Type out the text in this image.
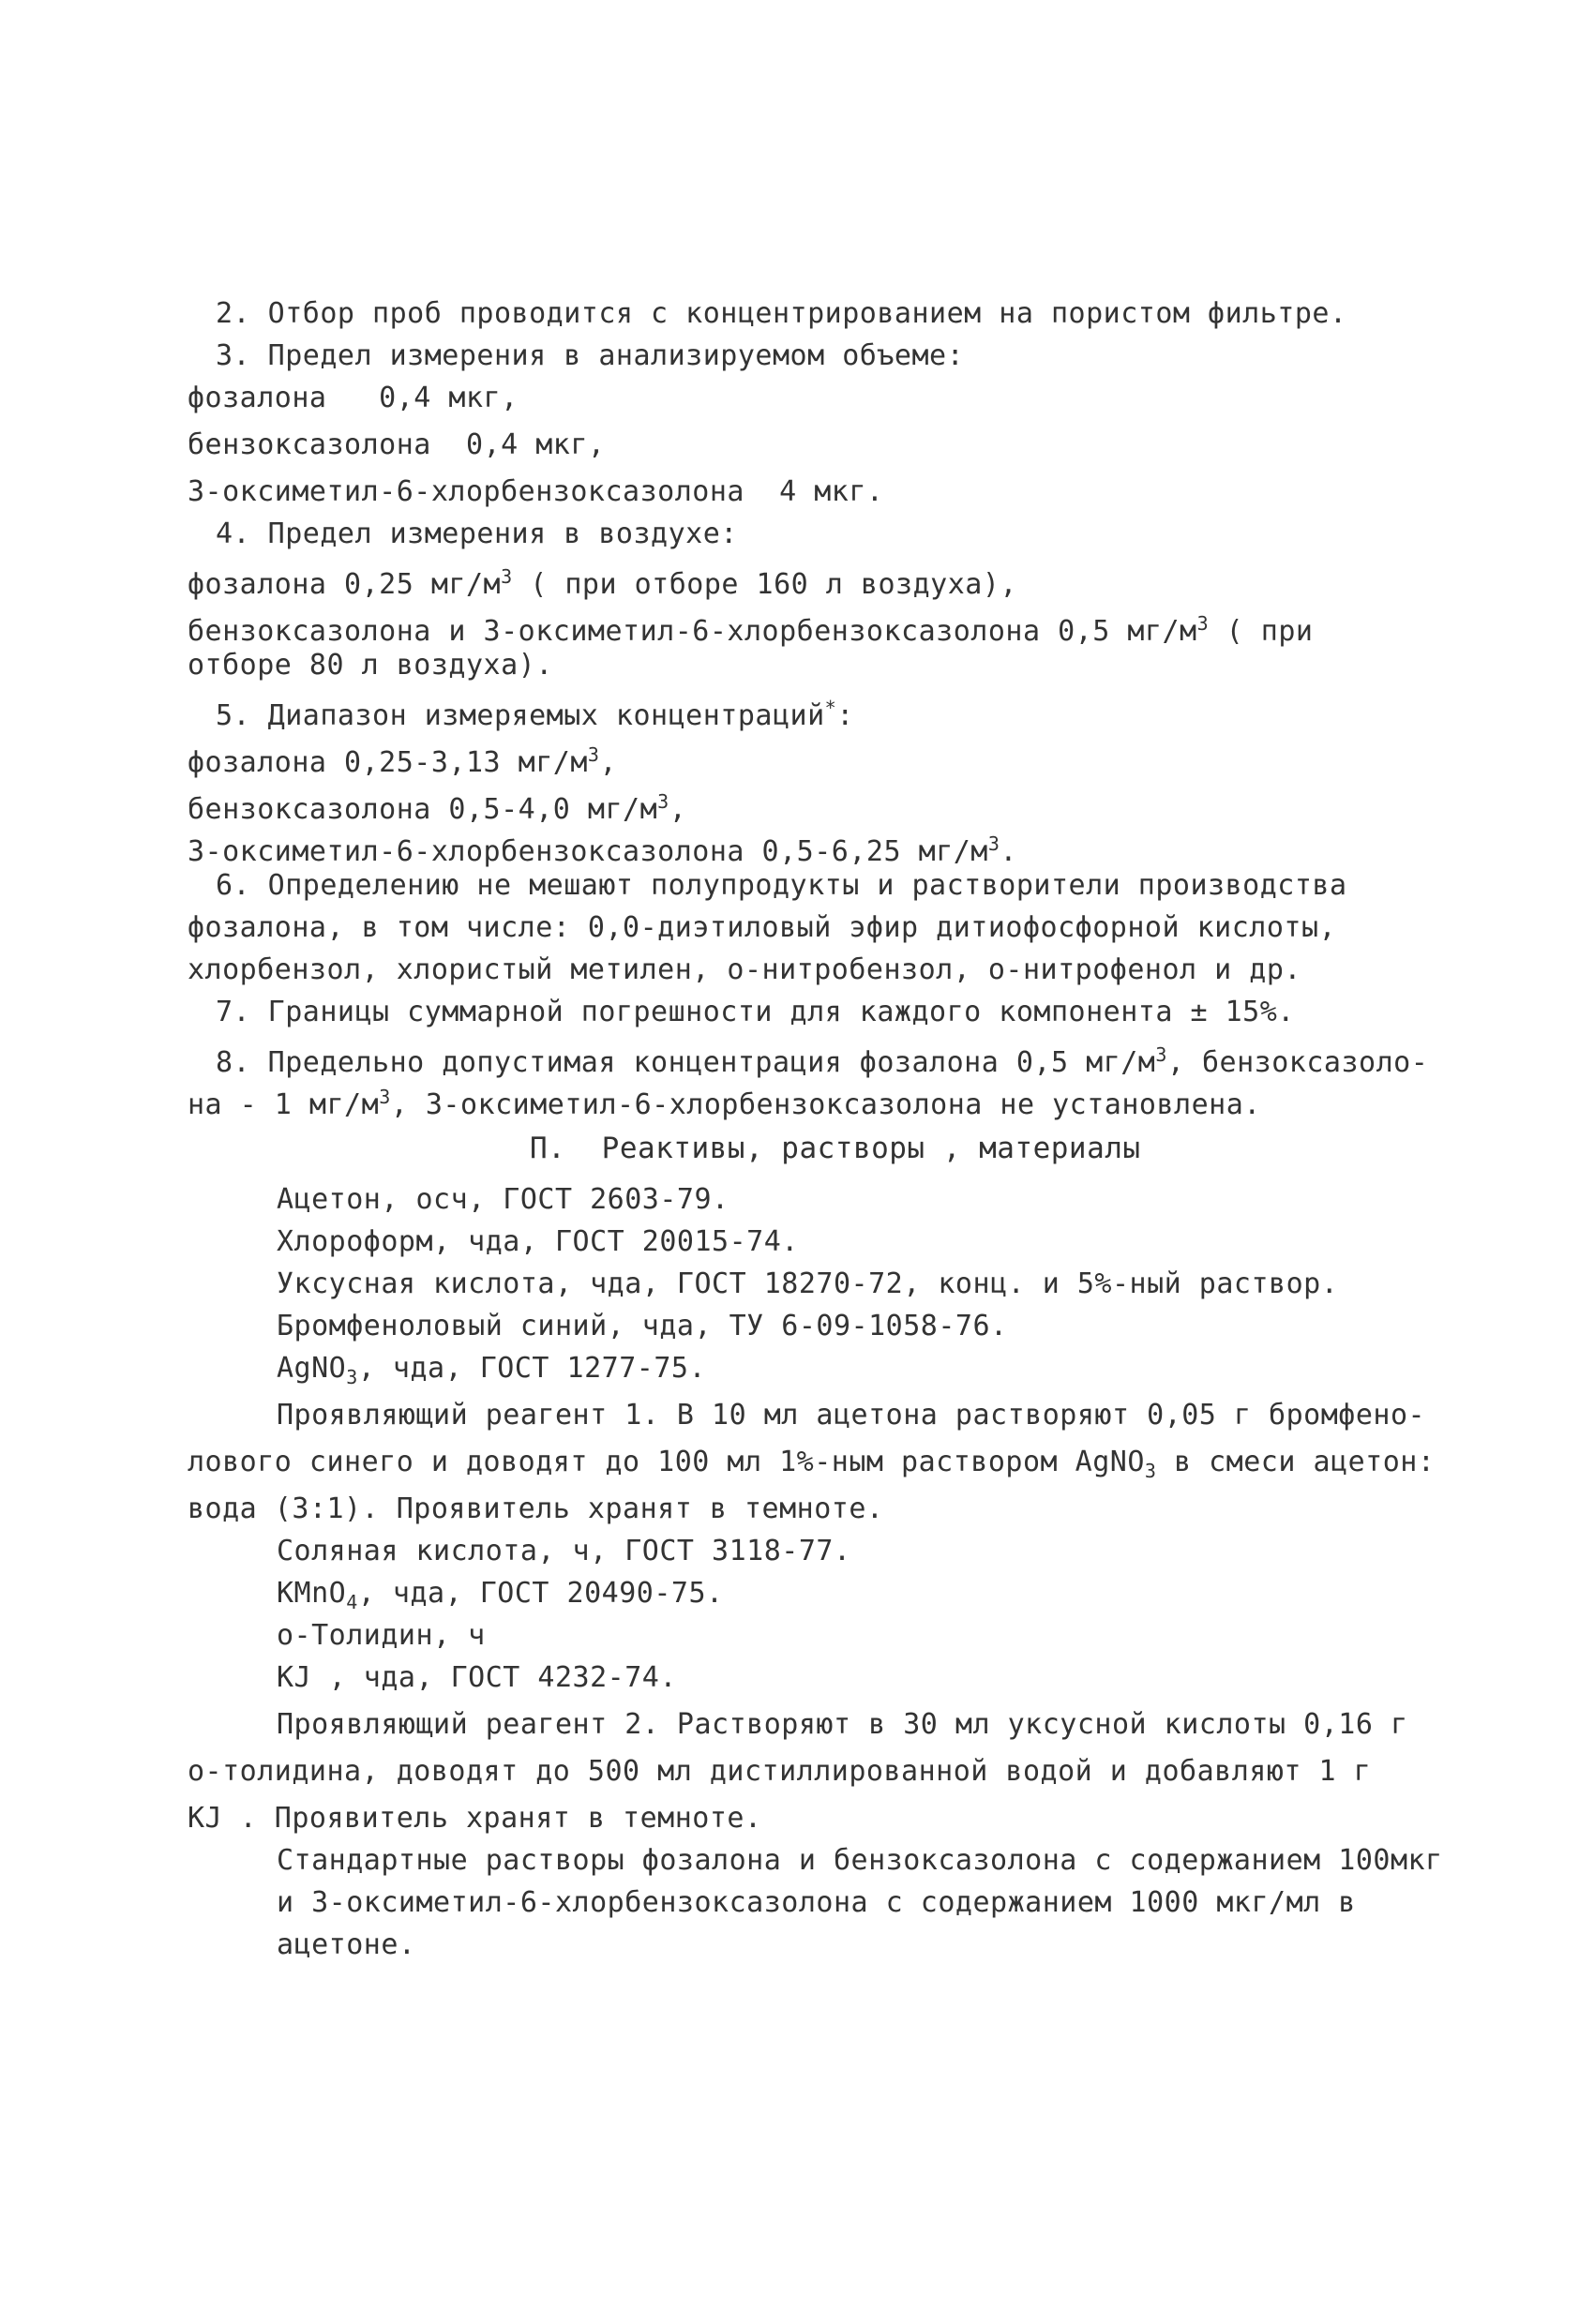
2. Отбор проб проводится с концентрированием на пористом фильтре.
3. Предел измерения в анализируемом объеме:
фозалона   0,4 мкг,
бензоксазолона  0,4 мкг,
3-оксиметил-6-хлорбензоксазолона  4 мкг.
4. Предел измерения в воздухе:
фозалона 0,25 $мг/м^3$ ( при отборе 160 л воздуха),
бензоксазолона и 3-оксиметил-6-хлорбензоксазолона 0,5 $мг/м^3$ ( при
отборе 80 л воздуха).
5. Диапазон измеряемых концентраций*:
фозалона 0,25-3,13 $мг/м^3$,
бензоксазолона 0,5-4,0 $мг/м^3$,
3-оксиметил-6-хлорбензоксазолона 0,5-6,25 $мг/м^3$.
6. Определению не мешают полупродукты и растворители производства
фозалона, в том числе: 0,0-диэтиловый эфир дитиофосфорной кислоты,
хлорбензол, хлористый метилен, о-нитробензол, о-нитрофенол и др.
7. Границы суммарной погрешности для каждого компонента ± 15%.
8. Предельно допустимая концентрация фозалона 0,5 $мг/м^3$, бензоксазоло-
на - 1 $мг/м^3$, 3-оксиметил-6-хлорбензоксазолона не установлена.
П.  Реактивы, растворы , материалы
Ацетон, осч, ГОСТ 2603-79.
Хлороформ, чда, ГОСТ 20015-74.
Уксусная кислота, чда, ГОСТ 18270-72, конц. и 5%-ный раствор.
Бромфеноловый синий, чда, ТУ 6-09-1058-76.
AgNO$_3$, чда, ГОСТ 1277-75.
Проявляющий реагент 1. В 10 мл ацетона растворяют 0,05 г бромфено-
лового синего и доводят до 100 мл 1%-ным раствором AgNO$_3$ в смеси ацетон:
вода (3:1). Проявитель хранят в темноте.
Соляная кислота, ч, ГОСТ 3118-77.
KMnO$_4$, чда, ГОСТ 20490-75.
о-Толидин, ч
KJ , чда, ГОСТ 4232-74.
Проявляющий реагент 2. Растворяют в 30 мл уксусной кислоты 0,16 г
о-толидина, доводят до 500 мл дистиллированной водой и добавляют 1 г
KJ . Проявитель хранят в темноте.
Стандартные растворы фозалона и бензоксазолона с содержанием 100мкг
и 3-оксиметил-6-хлорбензоксазолона с содержанием 1000 мкг/мл в
ацетоне.
